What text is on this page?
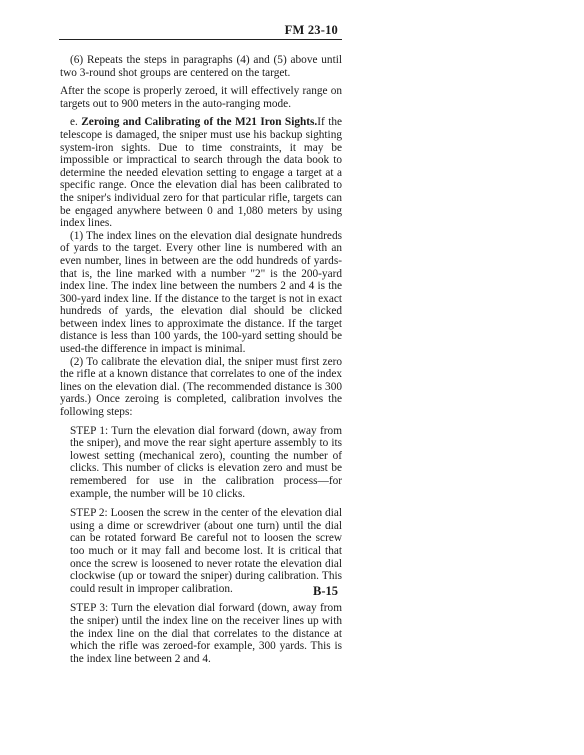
FM 23-10

(6) Repeats the steps in paragraphs (4) and (5) above until two 3-round shot groups are centered on the target.

After the scope is properly zeroed, it will effectively range on targets out to 900 meters in the auto-ranging mode.

e. Zeroing and Calibrating of the M21 Iron Sights.If the telescope is damaged, the sniper must use his backup sighting system-iron sights. Due to time constraints, it may be impossible or impractical to search through the data book to determine the needed elevation setting to engage a target at a specific range. Once the elevation dial has been calibrated to the sniper's individual zero for that particular rifle, targets can be engaged anywhere between 0 and 1,080 meters by using index lines.

(1) The index lines on the elevation dial designate hundreds of yards to the target. Every other line is numbered with an even number, lines in between are the odd hundreds of yards-that is, the line marked with a number "2" is the 200-yard index line. The index line between the numbers 2 and 4 is the 300-yard index line. If the distance to the target is not in exact hundreds of yards, the elevation dial should be clicked between index lines to approximate the distance. If the target distance is less than 100 yards, the 100-yard setting should be used-the difference in impact is minimal.

(2) To calibrate the elevation dial, the sniper must first zero the rifle at a known distance that correlates to one of the index lines on the elevation dial. (The recommended distance is 300 yards.) Once zeroing is completed, calibration involves the following steps:

STEP 1: Turn the elevation dial forward (down, away from the sniper), and move the rear sight aperture assembly to its lowest setting (mechanical zero), counting the number of clicks. This number of clicks is elevation zero and must be remembered for use in the calibration process—for example, the number will be 10 clicks.

STEP 2: Loosen the screw in the center of the elevation dial using a dime or screwdriver (about one turn) until the dial can be rotated forward Be careful not to loosen the screw too much or it may fall and become lost. It is critical that once the screw is loosened to never rotate the elevation dial clockwise (up or toward the sniper) during calibration. This could result in improper calibration.

STEP 3: Turn the elevation dial forward (down, away from the sniper) until the index line on the receiver lines up with the index line on the dial that correlates to the distance at which the rifle was zeroed-for example, 300 yards. This is the index line between 2 and 4.

B-15
